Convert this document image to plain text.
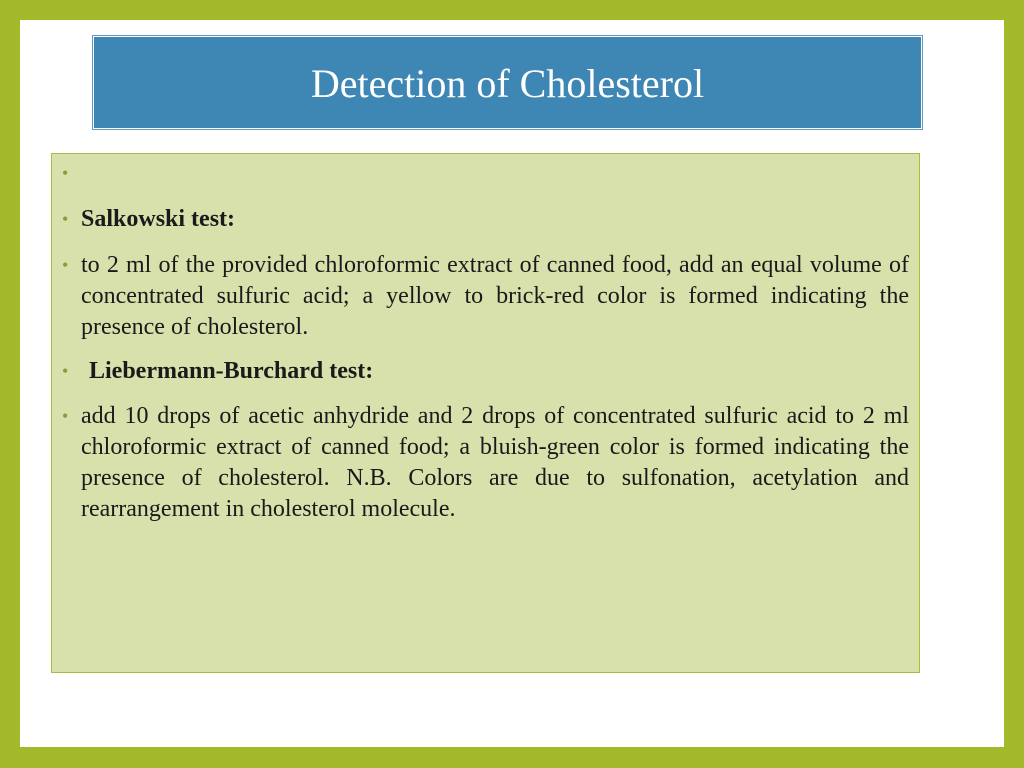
Detection of Cholesterol
•
• Salkowski test:
• to 2 ml of the provided chloroformic extract of canned food, add an equal volume of concentrated sulfuric acid; a yellow to brick-red color is formed indicating the presence of cholesterol.
• Liebermann-Burchard test:
• add 10 drops of acetic anhydride and 2 drops of concentrated sulfuric acid to 2 ml chloroformic extract of canned food; a bluish-green color is formed indicating the presence of cholesterol. N.B. Colors are due to sulfonation, acetylation and rearrangement in cholesterol molecule.
